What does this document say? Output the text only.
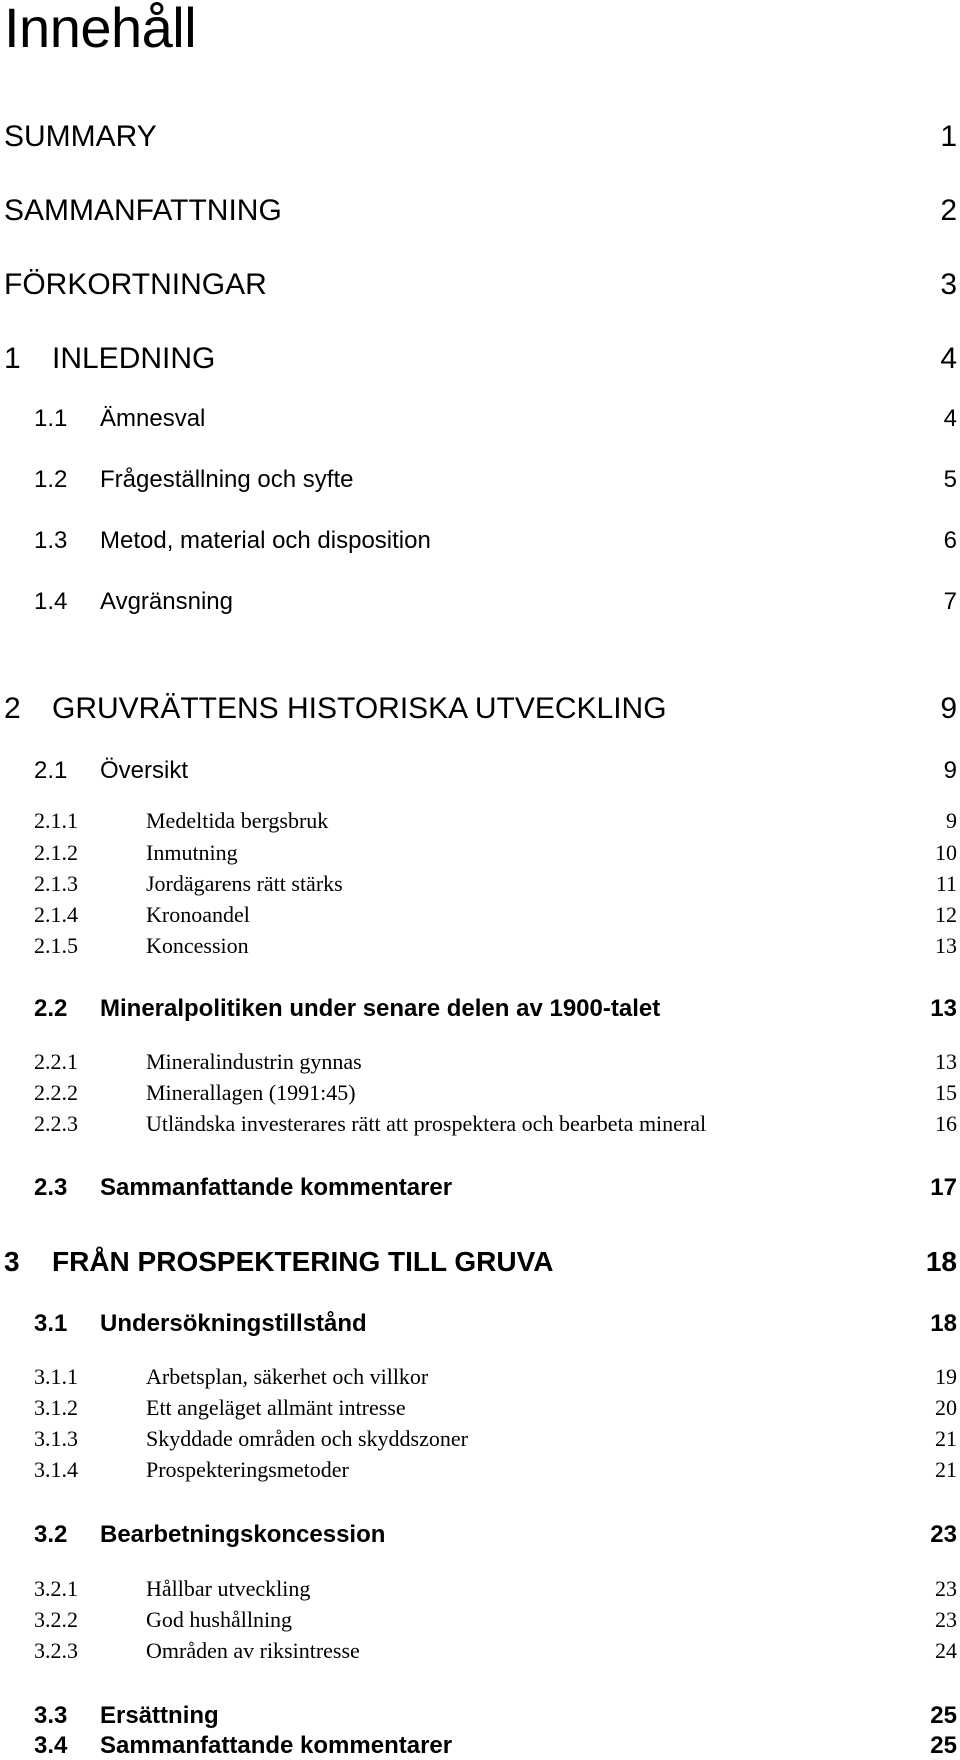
Innehåll
SUMMARY	1
SAMMANFATTNING	2
FÖRKORTNINGAR	3
1 INLEDNING	4
1.1 Ämnesval	4
1.2 Frågeställning och syfte	5
1.3 Metod, material och disposition	6
1.4 Avgränsning	7
2 GRUVRÄTTENS HISTORISKA UTVECKLING	9
2.1 Översikt	9
2.1.1	Medeltida bergsbruk	9
2.1.2	Inmutning	10
2.1.3	Jordägarens rätt stärks	11
2.1.4	Kronoandel	12
2.1.5	Koncession	13
2.2 Mineralpolitiken under senare delen av 1900-talet	13
2.2.1	Mineralindustrin gynnas	13
2.2.2	Minerallagen (1991:45)	15
2.2.3	Utländska investerares rätt att prospektera och bearbeta mineral	16
2.3 Sammanfattande kommentarer	17
3 FRÅN PROSPEKTERING TILL GRUVA	18
3.1 Undersökningstillstånd	18
3.1.1	Arbetsplan, säkerhet och villkor	19
3.1.2	Ett angeläget allmänt intresse	20
3.1.3	Skyddade områden och skyddszoner	21
3.1.4	Prospekteringsmetoder	21
3.2 Bearbetningskoncession	23
3.2.1	Hållbar utveckling	23
3.2.2	God hushållning	23
3.2.3	Områden av riksintresse	24
3.3 Ersättning	25
3.4 Sammanfattande kommentarer	25
